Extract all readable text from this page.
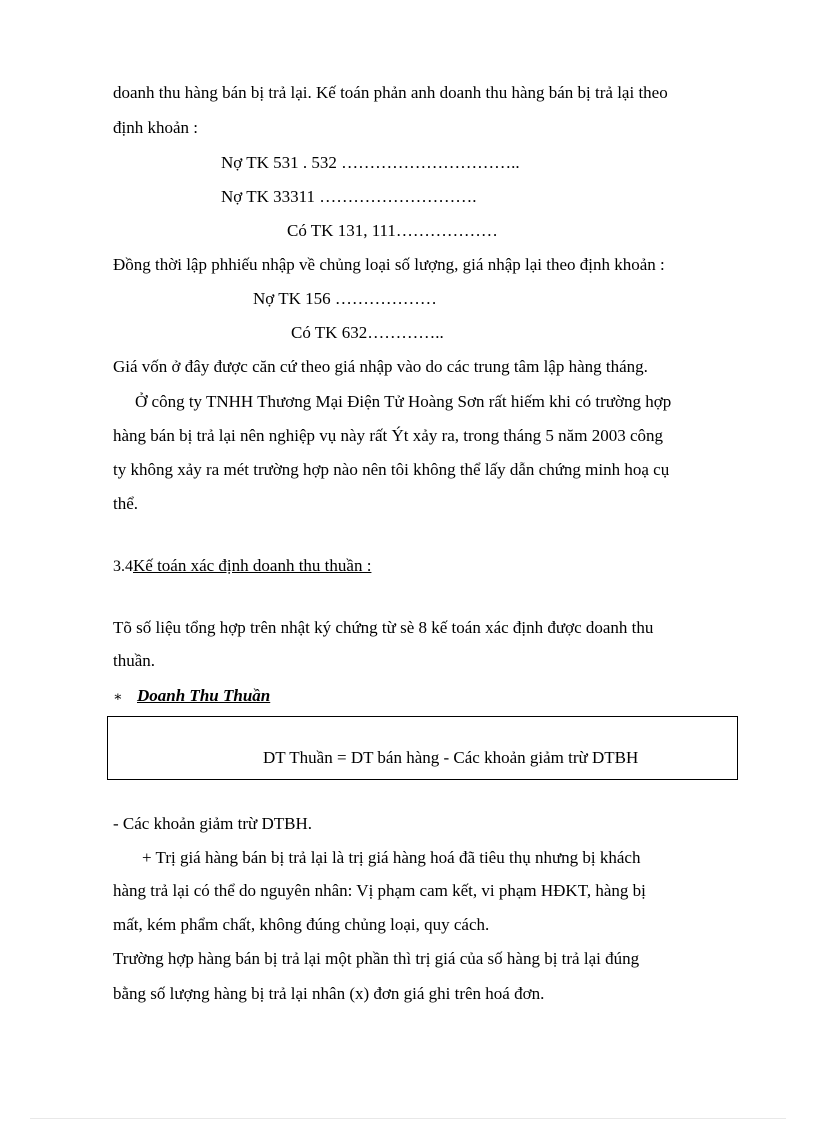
doanh thu hàng bán bị trả lại. Kế toán phản anh doanh thu hàng bán bị trả lại theo
định khoản :
Nợ TK 531 . 532 …………………………..
Nợ TK 33311 ……………………….
Có TK 131, 111………………
Đồng thời lập phhiếu nhập về chủng loại số lượng, giá nhập lại theo định khoản :
Nợ TK 156 ………………
Có TK 632…………..
Giá vốn ở đây được căn cứ theo giá nhập vào do các trung tâm lập hàng tháng.
Ở công ty TNHH Thương Mại Điện Tử Hoàng Sơn rất hiếm khi có trường hợp
hàng bán bị trả lại nên nghiệp vụ này rất Ýt xảy ra, trong tháng 5 năm 2003 công
ty không xảy ra mét trường hợp nào nên tôi không thể lấy dẫn chứng minh hoạ cụ
thể.
3.4Kế toán xác định doanh thu thuần :
Tõ số liệu tổng hợp trên nhật ký chứng từ sè 8 kế toán xác định được doanh thu
thuần.
∗ Doanh Thu Thuần
DT Thuần = DT bán hàng - Các khoản giảm trừ DTBH
- Các khoản giảm trừ DTBH.
+ Trị giá hàng bán bị trả lại là trị giá hàng hoá đã tiêu thụ nhưng bị khách
hàng trả lại có thể do nguyên nhân: Vị phạm cam kết, vi phạm HĐKT, hàng bị
mất, kém phẩm chất, không đúng chủng loại, quy cách.
Trường hợp hàng bán bị trả lại một phần thì trị giá của số hàng bị trả lại đúng
bằng số lượng hàng bị trả lại nhân (x) đơn giá ghi trên hoá đơn.
